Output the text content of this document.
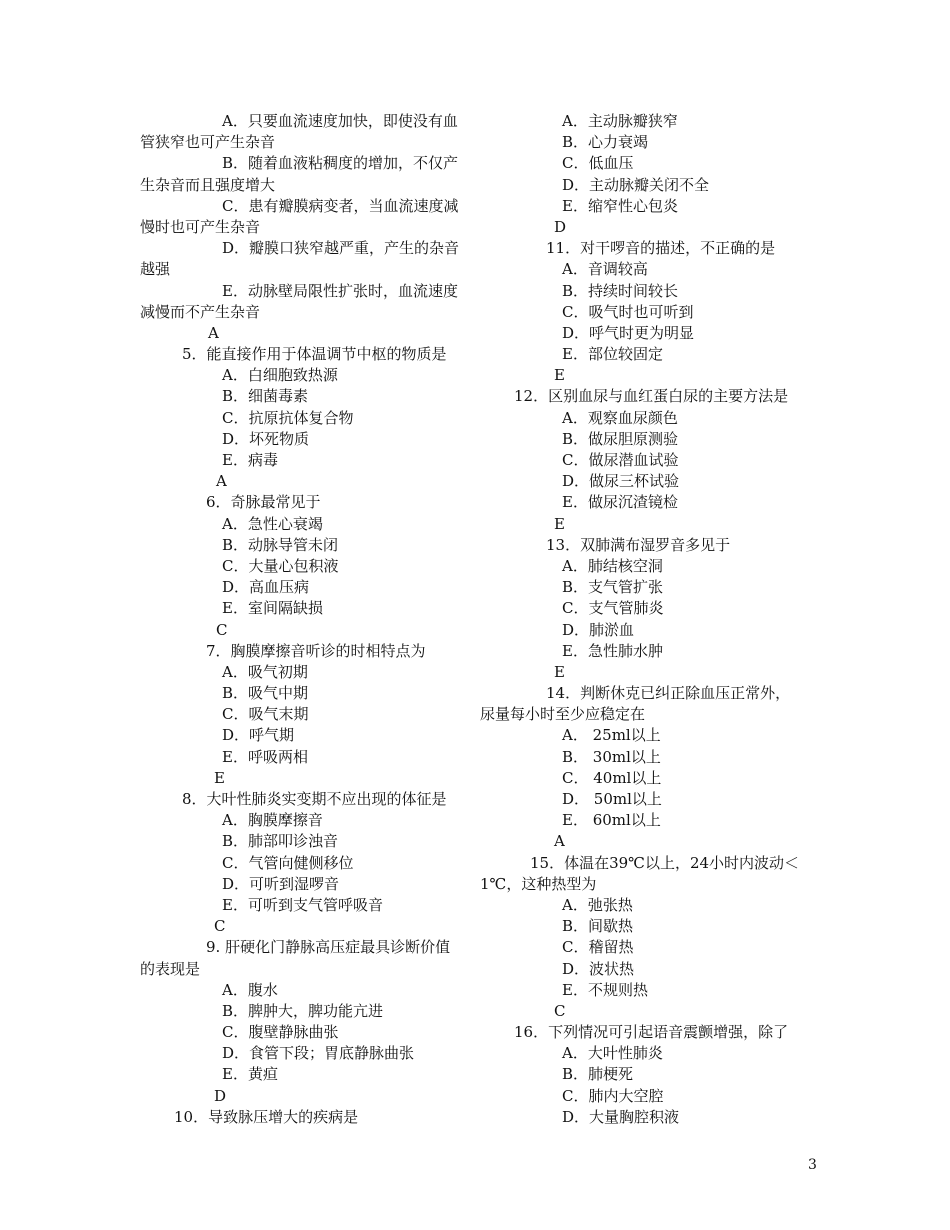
A．只要血流速度加快，即使没有血
管狭窄也可产生杂音
B．随着血液粘稠度的增加，不仅产
生杂音而且强度增大
C．患有瓣膜病变者，当血流速度减
慢时也可产生杂音
D．瓣膜口狭窄越严重，产生的杂音
越强
E．动脉壁局限性扩张时，血流速度
减慢而不产生杂音
A
5．能直接作用于体温调节中枢的物质是
A．白细胞致热源
B．细菌毒素
C．抗原抗体复合物
D．坏死物质
E．病毒
A
6．奇脉最常见于
A．急性心衰竭
B．动脉导管未闭
C．大量心包积液
D．高血压病
E．室间隔缺损
C
7．胸膜摩擦音听诊的时相特点为
A．吸气初期
B．吸气中期
C．吸气末期
D．呼气期
E．呼吸两相
E
8．大叶性肺炎实变期不应出现的体征是
A．胸膜摩擦音
B．肺部叩诊浊音
C．气管向健侧移位
D．可听到湿啰音
E．可听到支气管呼吸音
C
9. 肝硬化门静脉高压症最具诊断价值
的表现是
A．腹水
B．脾肿大，脾功能亢进
C．腹壁静脉曲张
D．食管下段；胃底静脉曲张
E．黄疸
D
10．导致脉压增大的疾病是
A．主动脉瓣狭窄
B．心力衰竭
C．低血压
D．主动脉瓣关闭不全
E．缩窄性心包炎
D
11．对干啰音的描述，不正确的是
A．音调较高
B．持续时间较长
C．吸气时也可听到
D．呼气时更为明显
E．部位较固定
E
12．区别血尿与血红蛋白尿的主要方法是
A．观察血尿颜色
B．做尿胆原测验
C．做尿潜血试验
D．做尿三杯试验
E．做尿沉渣镜检
E
13．双肺满布湿罗音多见于
A．肺结核空洞
B．支气管扩张
C．支气管肺炎
D．肺淤血
E．急性肺水肿
E
14．判断休克已纠正除血压正常外，
尿量每小时至少应稳定在
A． 25ml以上
B． 30ml以上
C． 40ml以上
D． 50ml以上
E． 60ml以上
A
15．体温在39℃以上，24小时内波动＜
1℃，这种热型为
A．弛张热
B．间歇热
C．稽留热
D．波状热
E．不规则热
C
16．下列情况可引起语音震颤增强，除了
A．大叶性肺炎
B．肺梗死
C．肺内大空腔
D．大量胸腔积液
3
